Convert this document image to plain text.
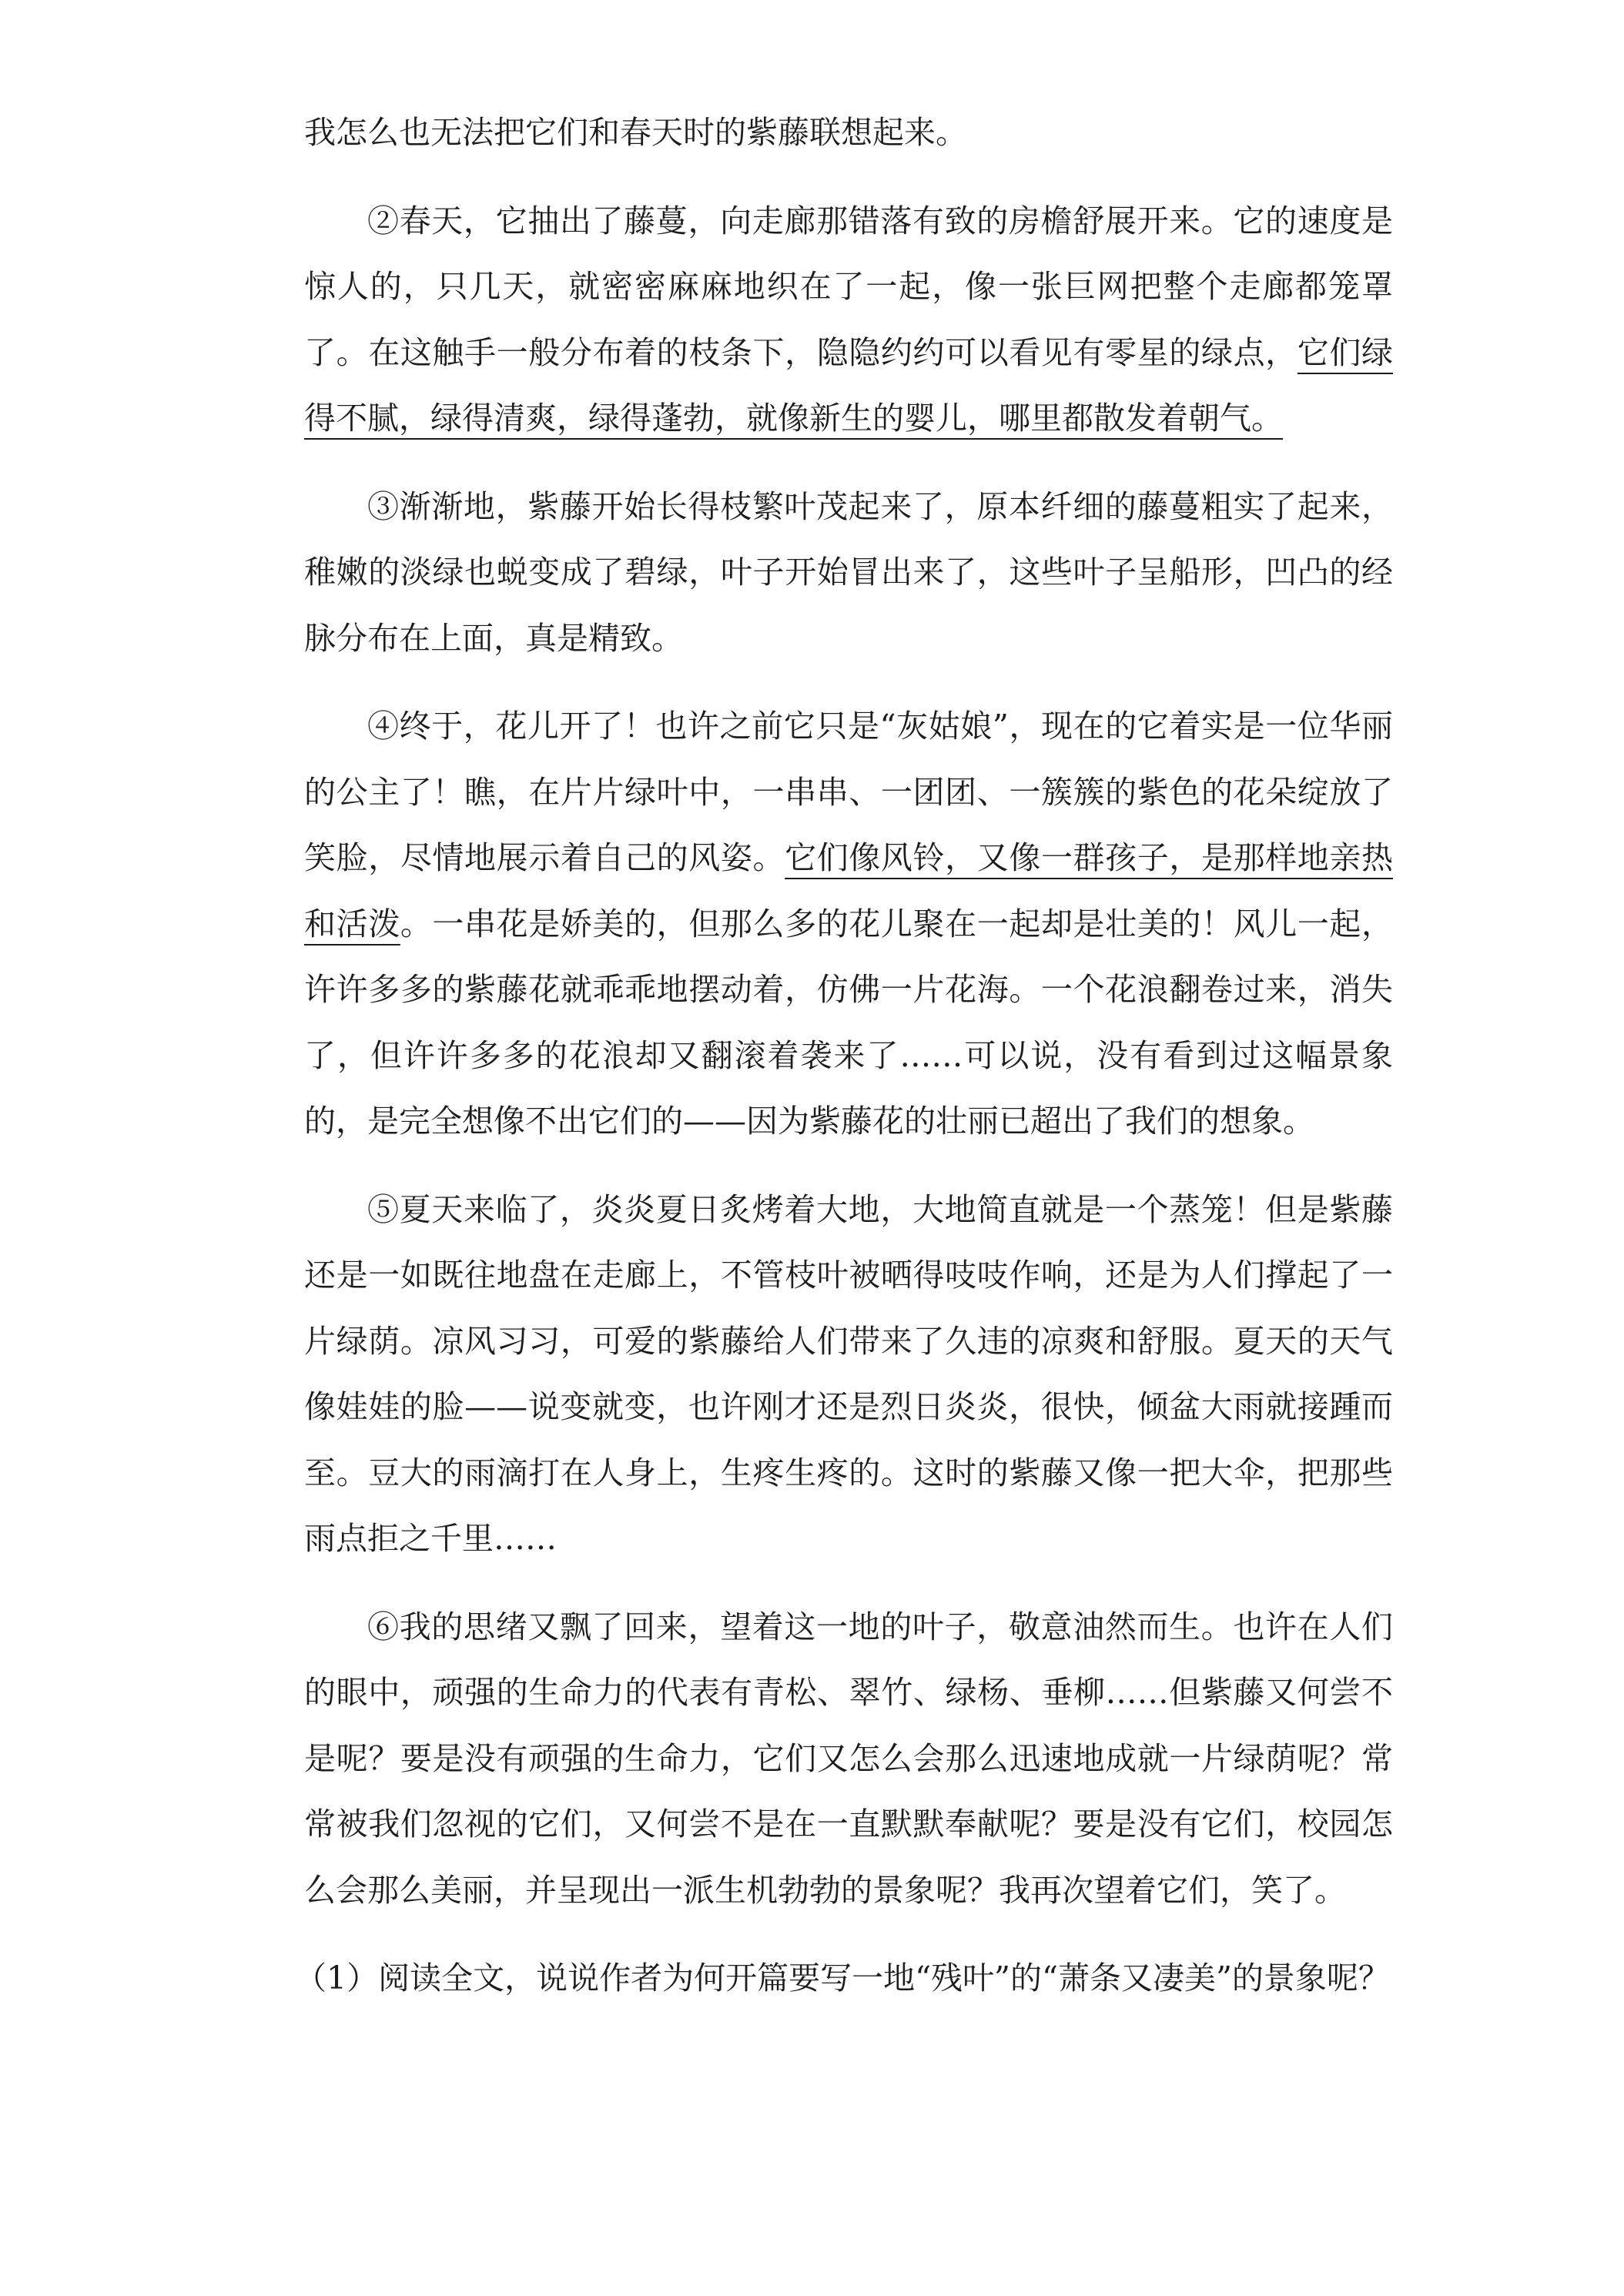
我怎么也无法把它们和春天时的紫藤联想起来。

②春天，它抽出了藤蔓，向走廊那错落有致的房檐舒展开来。它的速度是惊人的，只几天，就密密麻麻地织在了一起，像一张巨网把整个走廊都笼罩了。在这触手一般分布着的枝条下，隐隐约约可以看见有零星的绿点，它们绿得不腻，绿得清爽，绿得蓬勃，就像新生的婴儿，哪里都散发着朝气。

③渐渐地，紫藤开始长得枝繁叶茂起来了，原本纤细的藤蔓粗实了起来，稚嫩的淡绿也蜕变成了碧绿，叶子开始冒出来了，这些叶子呈船形，凹凸的经脉分布在上面，真是精致。

④终于，花儿开了！也许之前它只是“灰姑娘”，现在的它着实是一位华丽的公主了！瞧，在片片绿叶中，一串串、一团团、一簇簇的紫色的花朵绽放了笑脸，尽情地展示着自己的风姿。它们像风铃，又像一群孩子，是那样地亲热和活泼。一串花是娇美的，但那么多的花儿聚在一起却是壮美的！风儿一起，许许多多的紫藤花就乖乖地摆动着，仿佛一片花海。一个花浪翻卷过来，消失了，但许许多多的花浪却又翻滚着袭来了……可以说，没有看到过这幅景象的，是完全想像不出它们的——因为紫藤花的壮丽已超出了我们的想象。

⑤夏天来临了，炎炎夏日炙烤着大地，大地简直就是一个蒸笼！但是紫藤还是一如既往地盘在走廊上，不管枝叶被晒得吱吱作响，还是为人们撑起了一片绿荫。凉风习习，可爱的紫藤给人们带来了久违的凉爽和舒服。夏天的天气像娃娃的脸——说变就变，也许刚才还是烈日炎炎，很快，倾盆大雨就接踵而至。豆大的雨滴打在人身上，生疼生疼的。这时的紫藤又像一把大伞，把那些雨点拒之千里……

⑥我的思绪又飘了回来，望着这一地的叶子，敬意油然而生。也许在人们的眼中，顽强的生命力的代表有青松、翠竹、绿杨、垂柳……但紫藤又何尝不是呢？要是没有顽强的生命力，它们又怎么会那么迅速地成就一片绿荫呢？常常被我们忽视的它们，又何尝不是在一直默默奉献呢？要是没有它们，校园怎么会那么美丽，并呈现出一派生机勃勃的景象呢？我再次望着它们，笑了。

（1）阅读全文，说说作者为何开篇要写一地“残叶”的“萧条又凄美”的景象呢？
